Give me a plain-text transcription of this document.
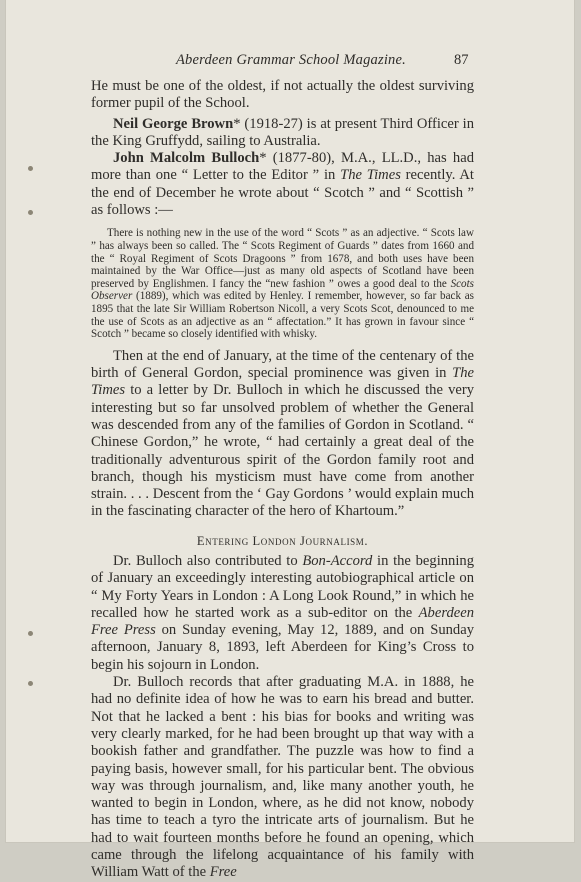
Aberdeen Grammar School Magazine.	87

He must be one of the oldest, if not actually the oldest surviving former pupil of the School.

Neil George Brown* (1918-27) is at present Third Officer in the King Gruffydd, sailing to Australia.

John Malcolm Bulloch* (1877-80), M.A., LL.D., has had more than one “ Letter to the Editor ” in The Times recently. At the end of December he wrote about “ Scotch ” and “ Scottish ” as follows :—

There is nothing new in the use of the word “ Scots ” as an adjective. “ Scots law ” has always been so called. The “ Scots Regiment of Guards ” dates from 1660 and the “ Royal Regiment of Scots Dragoons ” from 1678, and both uses have been maintained by the War Office—just as many old aspects of Scotland have been preserved by Englishmen. I fancy the “new fashion ” owes a good deal to the Scots Observer (1889), which was edited by Henley. I remember, however, so far back as 1895 that the late Sir William Robertson Nicoll, a very Scots Scot, denounced to me the use of Scots as an adjective as an “ affectation.” It has grown in favour since “ Scotch ” became so closely identified with whisky.

Then at the end of January, at the time of the centenary of the birth of General Gordon, special prominence was given in The Times to a letter by Dr. Bulloch in which he discussed the very interesting but so far unsolved problem of whether the General was descended from any of the families of Gordon in Scotland. “ Chinese Gordon,” he wrote, “ had certainly a great deal of the traditionally adventurous spirit of the Gordon family root and branch, though his mysticism must have come from another strain. . . . Descent from the ‘ Gay Gordons ’ would explain much in the fascinating character of the hero of Khartoum.”

Entering London Journalism.

Dr. Bulloch also contributed to Bon-Accord in the beginning of January an exceedingly interesting autobiographical article on “ My Forty Years in London : A Long Look Round,” in which he recalled how he started work as a sub-editor on the Aberdeen Free Press on Sunday evening, May 12, 1889, and on Sunday afternoon, January 8, 1893, left Aberdeen for King’s Cross to begin his sojourn in London.

Dr. Bulloch records that after graduating M.A. in 1888, he had no definite idea of how he was to earn his bread and butter. Not that he lacked a bent : his bias for books and writing was very clearly marked, for he had been brought up that way with a bookish father and grandfather. The puzzle was how to find a paying basis, however small, for his particular bent. The obvious way was through journalism, and, like many another youth, he wanted to begin in London, where, as he did not know, nobody has time to teach a tyro the intricate arts of journalism. But he had to wait fourteen months before he found an opening, which came through the lifelong acquaintance of his family with William Watt of the Free
